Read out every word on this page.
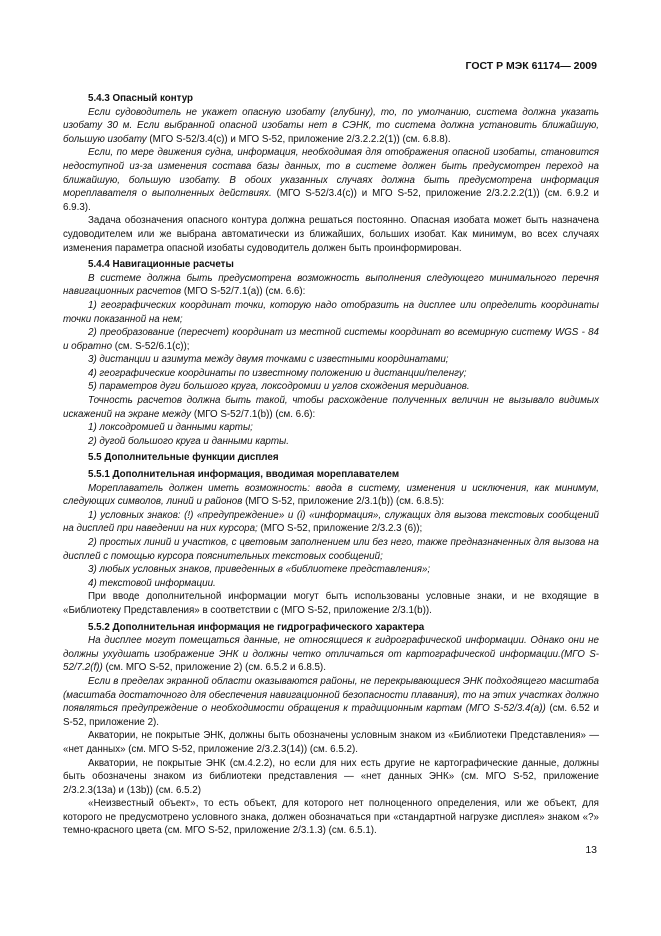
ГОСТ Р МЭК 61174— 2009

5.4.3 Опасный контур

Если судоводитель не укажет опасную изобату (глубину), то, по умолчанию, система должна указать изобату 30 м. Если выбранной опасной изобаты нет в СЭНК, то система должна установить ближайшую, большую изобату (МГО S-52/3.4(c)) и МГО S-52, приложение 2/3.2.2.2(1)) (см. 6.8.8).

Если, по мере движения судна, информация, необходимая для отображения опасной изобаты, становится недоступной из-за изменения состава базы данных, то в системе должен быть предусмотрен переход на ближайшую, большую изобату. В обоих указанных случаях должна быть предусмотрена информация мореплавателя о выполненных действиях. (МГО S-52/3.4(c)) и МГО S-52, приложение 2/3.2.2.2(1)) (см. 6.9.2 и 6.9.3).

Задача обозначения опасного контура должна решаться постоянно. Опасная изобата может быть назначена судоводителем или же выбрана автоматически из ближайших, больших изобат. Как минимум, во всех случаях изменения параметра опасной изобаты судоводитель должен быть проинформирован.

5.4.4 Навигационные расчеты

В системе должна быть предусмотрена возможность выполнения следующего минимального перечня навигационных расчетов (МГО S-52/7.1(a)) (см. 6.6):

1) географических координат точки, которую надо отобразить на дисплее или определить координаты точки показанной на нем;

2) преобразование (пересчет) координат из местной системы координат во всемирную систему WGS - 84 и обратно (см. S-52/6.1(c));

3) дистанции и азимута между двумя точками с известными координатами;

4) географические координаты по известному положению и дистанции/пеленгу;

5) параметров дуги большого круга, локсодромии и углов схождения меридианов.

Точность расчетов должна быть такой, чтобы расхождение полученных величин не вызывало видимых искажений на экране между (МГО S-52/7.1(b)) (см. 6.6):

1) локсодромией и данными карты;

2) дугой большого круга и данными карты.

5.5 Дополнительные функции дисплея

5.5.1 Дополнительная информация, вводимая мореплавателем

Мореплаватель должен иметь возможность: ввода в систему, изменения и исключения, как минимум, следующих символов, линий и районов (МГО S-52, приложение 2/3.1(b)) (см. 6.8.5):

1) условных знаков: (!) «предупреждение» и (i) «информация», служащих для вызова текстовых сообщений на дисплей при наведении на них курсора; (МГО S-52, приложение 2/3.2.3 (6));

2) простых линий и участков, с цветовым заполнением или без него, также предназначенных для вызова на дисплей с помощью курсора пояснительных текстовых сообщений;

3) любых условных знаков, приведенных в «библиотеке представления»;

4) текстовой информации.

При вводе дополнительной информации могут быть использованы условные знаки, и не входящие в «Библиотеку Представления» в соответствии с (МГО S-52, приложение 2/3.1(b)).

5.5.2 Дополнительная информация не гидрографического характера

На дисплее могут помещаться данные, не относящиеся к гидрографической информации. Однако они не должны ухудшать изображение ЭНК и должны четко отличаться от картографической информации.(МГО S-52/7.2(f)) (см. МГО S-52, приложение 2) (см. 6.5.2 и 6.8.5).

Если в пределах экранной области оказываются районы, не перекрывающиеся ЭНК подходящего масштаба (масштаба достаточного для обеспечения навигационной безопасности плавания), то на этих участках должно появляться предупреждение о необходимости обращения к традиционным картам (МГО S-52/3.4(a)) (см. 6.52 и S-52, приложение 2).

Акватории, не покрытые ЭНК, должны быть обозначены условным знаком из «Библиотеки Представления» — «нет данных» (см. МГО S-52, приложение 2/3.2.3(14)) (см. 6.5.2).

Акватории, не покрытые ЭНК (см.4.2.2), но если для них есть другие не картографические данные, должны быть обозначены знаком из библиотеки представления — «нет данных ЭНК» (см. МГО S-52, приложение 2/3.2.3(13a) и (13b)) (см. 6.5.2)

«Неизвестный объект», то есть объект, для которого нет полноценного определения, или же объект, для которого не предусмотрено условного знака, должен обозначаться при «стандартной нагрузке дисплея» знаком «?» темно-красного цвета (см. МГО S-52, приложение 2/3.1.3) (см. 6.5.1).

13
